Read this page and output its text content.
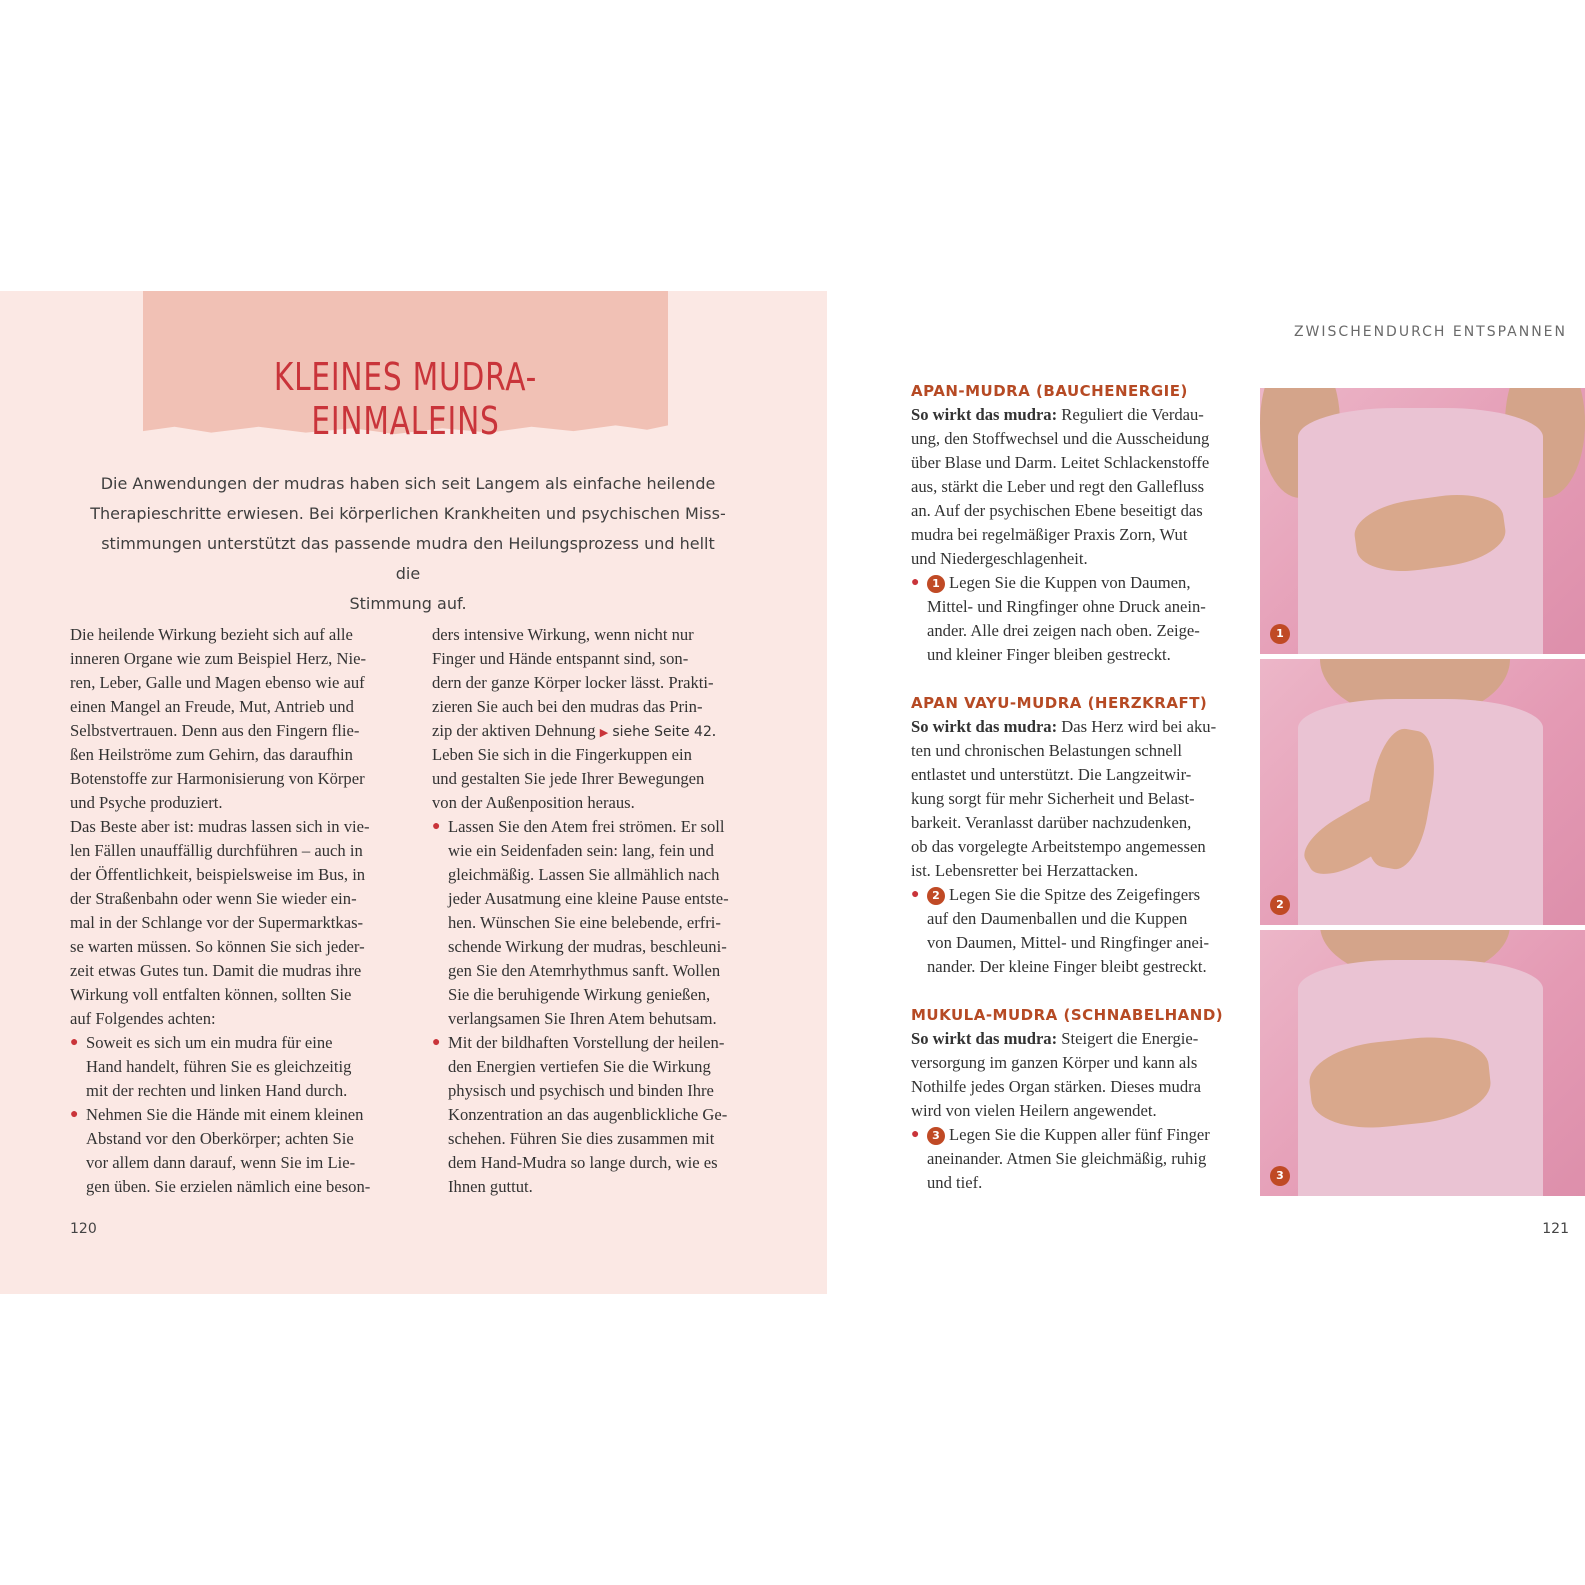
KLEINES MUDRA-EINMALEINS
Die Anwendungen der mudras haben sich seit Langem als einfache heilende
Therapieschritte erwiesen. Bei körperlichen Krankheiten und psychischen Miss-
stimmungen unterstützt das passende mudra den Heilungsprozess und hellt die
Stimmung auf.
Die heilende Wirkung bezieht sich auf alle
inneren Organe wie zum Beispiel Herz, Nie-
ren, Leber, Galle und Magen ebenso wie auf
einen Mangel an Freude, Mut, Antrieb und
Selbstvertrauen. Denn aus den Fingern flie-
ßen Heilströme zum Gehirn, das daraufhin
Botenstoffe zur Harmonisierung von Körper
und Psyche produziert.
Das Beste aber ist: mudras lassen sich in vie-
len Fällen unauffällig durchführen – auch in
der Öffentlichkeit, beispielsweise im Bus, in
der Straßenbahn oder wenn Sie wieder ein-
mal in der Schlange vor der Supermarktkas-
se warten müssen. So können Sie sich jeder-
zeit etwas Gutes tun. Damit die mudras ihre
Wirkung voll entfalten können, sollten Sie
auf Folgendes achten:
● Soweit es sich um ein mudra für eine
Hand handelt, führen Sie es gleichzeitig
mit der rechten und linken Hand durch.
● Nehmen Sie die Hände mit einem kleinen
Abstand vor den Oberkörper; achten Sie
vor allem dann darauf, wenn Sie im Lie-
gen üben. Sie erzielen nämlich eine beson-
ders intensive Wirkung, wenn nicht nur
Finger und Hände entspannt sind, son-
dern der ganze Körper locker lässt. Prakti-
zieren Sie auch bei den mudras das Prin-
zip der aktiven Dehnung ▶ siehe Seite 42.
Leben Sie sich in die Fingerkuppen ein
und gestalten Sie jede Ihrer Bewegungen
von der Außenposition heraus.
● Lassen Sie den Atem frei strömen. Er soll
wie ein Seidenfaden sein: lang, fein und
gleichmäßig. Lassen Sie allmählich nach
jeder Ausatmung eine kleine Pause entste-
hen. Wünschen Sie eine belebende, erfri-
schende Wirkung der mudras, beschleuni-
gen Sie den Atemrhythmus sanft. Wollen
Sie die beruhigende Wirkung genießen,
verlangsamen Sie Ihren Atem behutsam.
● Mit der bildhaften Vorstellung der heilen-
den Energien vertiefen Sie die Wirkung
physisch und psychisch und binden Ihre
Konzentration an das augenblickliche Ge-
schehen. Führen Sie dies zusammen mit
dem Hand-Mudra so lange durch, wie es
Ihnen guttut.
120
ZWISCHENDURCH ENTSPANNEN
APAN-MUDRA (BAUCHENERGIE)
So wirkt das mudra: Reguliert die Verdau-
ung, den Stoffwechsel und die Ausscheidung
über Blase und Darm. Leitet Schlackenstoffe
aus, stärkt die Leber und regt den Gallefluss
an. Auf der psychischen Ebene beseitigt das
mudra bei regelmäßiger Praxis Zorn, Wut
und Niedergeschlagenheit.
● 1 Legen Sie die Kuppen von Daumen,
Mittel- und Ringfinger ohne Druck anein-
ander. Alle drei zeigen nach oben. Zeige-
und kleiner Finger bleiben gestreckt.
APAN VAYU-MUDRA (HERZKRAFT)
So wirkt das mudra: Das Herz wird bei aku-
ten und chronischen Belastungen schnell
entlastet und unterstützt. Die Langzeitwir-
kung sorgt für mehr Sicherheit und Belast-
barkeit. Veranlasst darüber nachzudenken,
ob das vorgelegte Arbeitstempo angemessen
ist. Lebensretter bei Herzattacken.
● 2 Legen Sie die Spitze des Zeigefingers
auf den Daumenballen und die Kuppen
von Daumen, Mittel- und Ringfinger anei-
nander. Der kleine Finger bleibt gestreckt.
MUKULA-MUDRA (SCHNABELHAND)
So wirkt das mudra: Steigert die Energie-
versorgung im ganzen Körper und kann als
Nothilfe jedes Organ stärken. Dieses mudra
wird von vielen Heilern angewendet.
● 3 Legen Sie die Kuppen aller fünf Finger
aneinander. Atmen Sie gleichmäßig, ruhig
und tief.
1
2
3
121
